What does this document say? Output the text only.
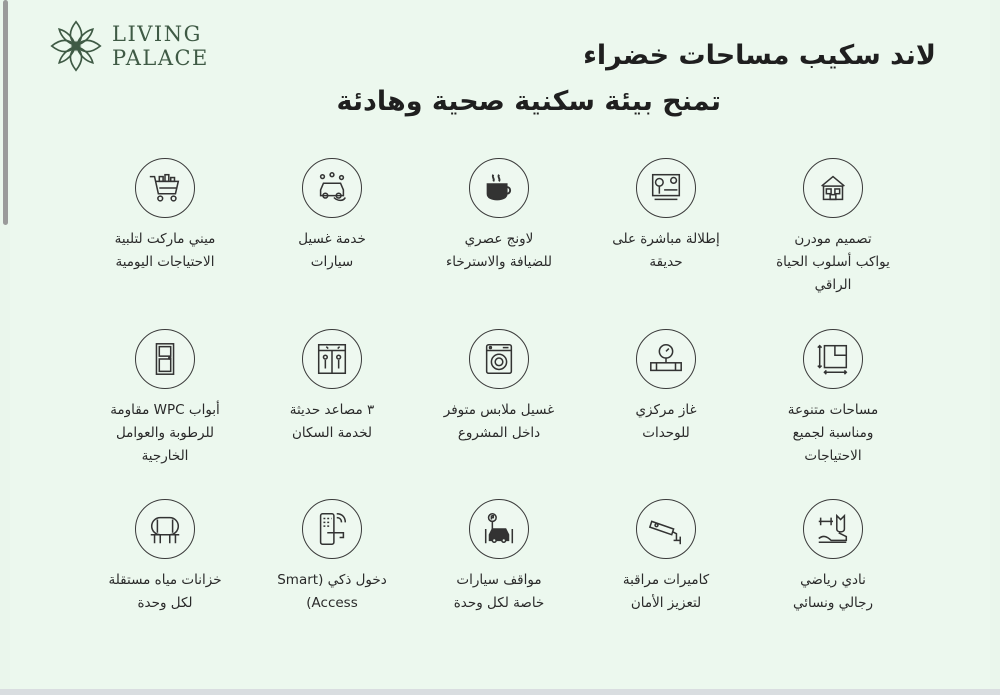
LIVING
PALACE	لاند سكيب مساحات خضراء
تمنح بيئة سكنية صحية وهادئة
تصميم مودرن
يواكب أسلوب الحياة
الراقي
إطلالة مباشرة على
حديقة
لاونج عصري
للضيافة والاسترخاء
خدمة غسيل
سيارات
ميني ماركت لتلبية
الاحتياجات اليومية
مساحات متنوعة
ومناسبة لجميع
الاحتياجات
غاز مركزي
للوحدات
غسيل ملابس متوفر
داخل المشروع
٣ مصاعد حديثة
لخدمة السكان
أبواب WPC مقاومة
للرطوبة والعوامل
الخارجية
نادي رياضي
رجالي ونسائي
كاميرات مراقبة
لتعزيز الأمان
مواقف سيارات
خاصة لكل وحدة
دخول ذكي (Smart
Access)
خزانات مياه مستقلة
لكل وحدة
